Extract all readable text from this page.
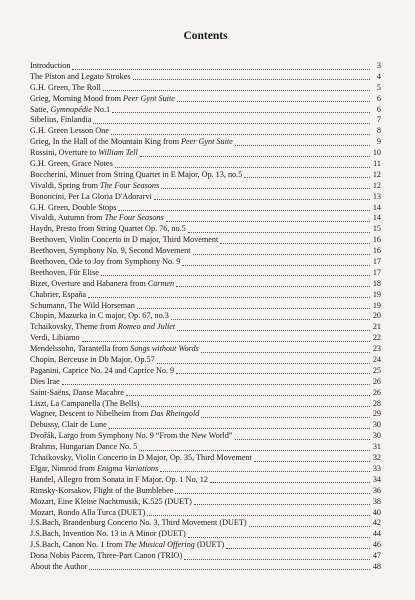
Contents
Introduction	3
The Piston and Legato Strokes	4
G.H. Green, The Roll	5
Grieg, Morning Mood from Peer Gynt Suite	6
Satie, Gymnopédie No.1	6
Sibelius, Finlandia	7
G.H. Green Lesson One	8
Grieg, In the Hall of the Mountain King from Peer Gynt Suite	9
Rossini, Overture to William Tell	10
G.H. Green, Grace Notes	11
Boccherini, Minuet from String Quartet in E Major, Op. 13, no.5	12
Vivaldi, Spring from The Four Seasons	12
Bononcini, Per La Gloria D'Adorarvi	13
G.H. Green, Double Stops	14
Vivaldi, Autumn from The Four Seasons	14
Haydn, Presto from String Quartet Op. 76, no.5	15
Beethoven, Violin Concerto in D major, Third Movement	16
Beethoven, Symphony No. 9, Second Movement	16
Beethoven, Ode to Joy from Symphony No. 9	17
Beethoven, Für Elise	17
Bizet, Overture and Habanera from Carmen	18
Chabrier, España	19
Schumann, The Wild Horseman	19
Chopin, Mazurka in C major, Op. 67, no.3	20
Tchaikovsky, Theme from Romeo and Juliet	21
Verdi, Libiamo	22
Mendelssohn, Tarantella from Songs without Words	23
Chopin, Berceuse in Db Major, Op.57	24
Paganini, Caprice No. 24 and Caprice No. 9	25
Dies Irae	26
Saint-Saëns, Danse Macabre	26
Liszt, La Campanella (The Bells)	28
Wagner, Descent to Nibelheim from Das Rheingold	29
Debussy, Clair de Lune	30
Dvořák, Largo from Symphony No. 9 “From the New World”	30
Brahms, Hungarian Dance No. 5	31
Tchaikovsky, Violin Concerto in D Major, Op. 35, Third Movement	32
Elgar, Nimrod from Enigma Variations	33
Handel, Allegro from Sonata in F Major, Op. 1 No. 12	34
Rimsky-Korsakov, Flight of the Bumblebee	36
Mozart, Eine Kleine Nachtmusik, K.525 (DUET)	38
Mozart, Rondo Alla Turca (DUET)	40
J.S.Bach, Brandenburg Concerto No. 3, Third Movement (DUET)	42
J.S.Bach, Invention No. 13 in A Minor (DUET)	44
J.S.Bach, Canon No. 1 from The Musical Offering (DUET)	46
Dona Nobis Pacem, Three-Part Canon (TRIO)	47
About the Author	48
